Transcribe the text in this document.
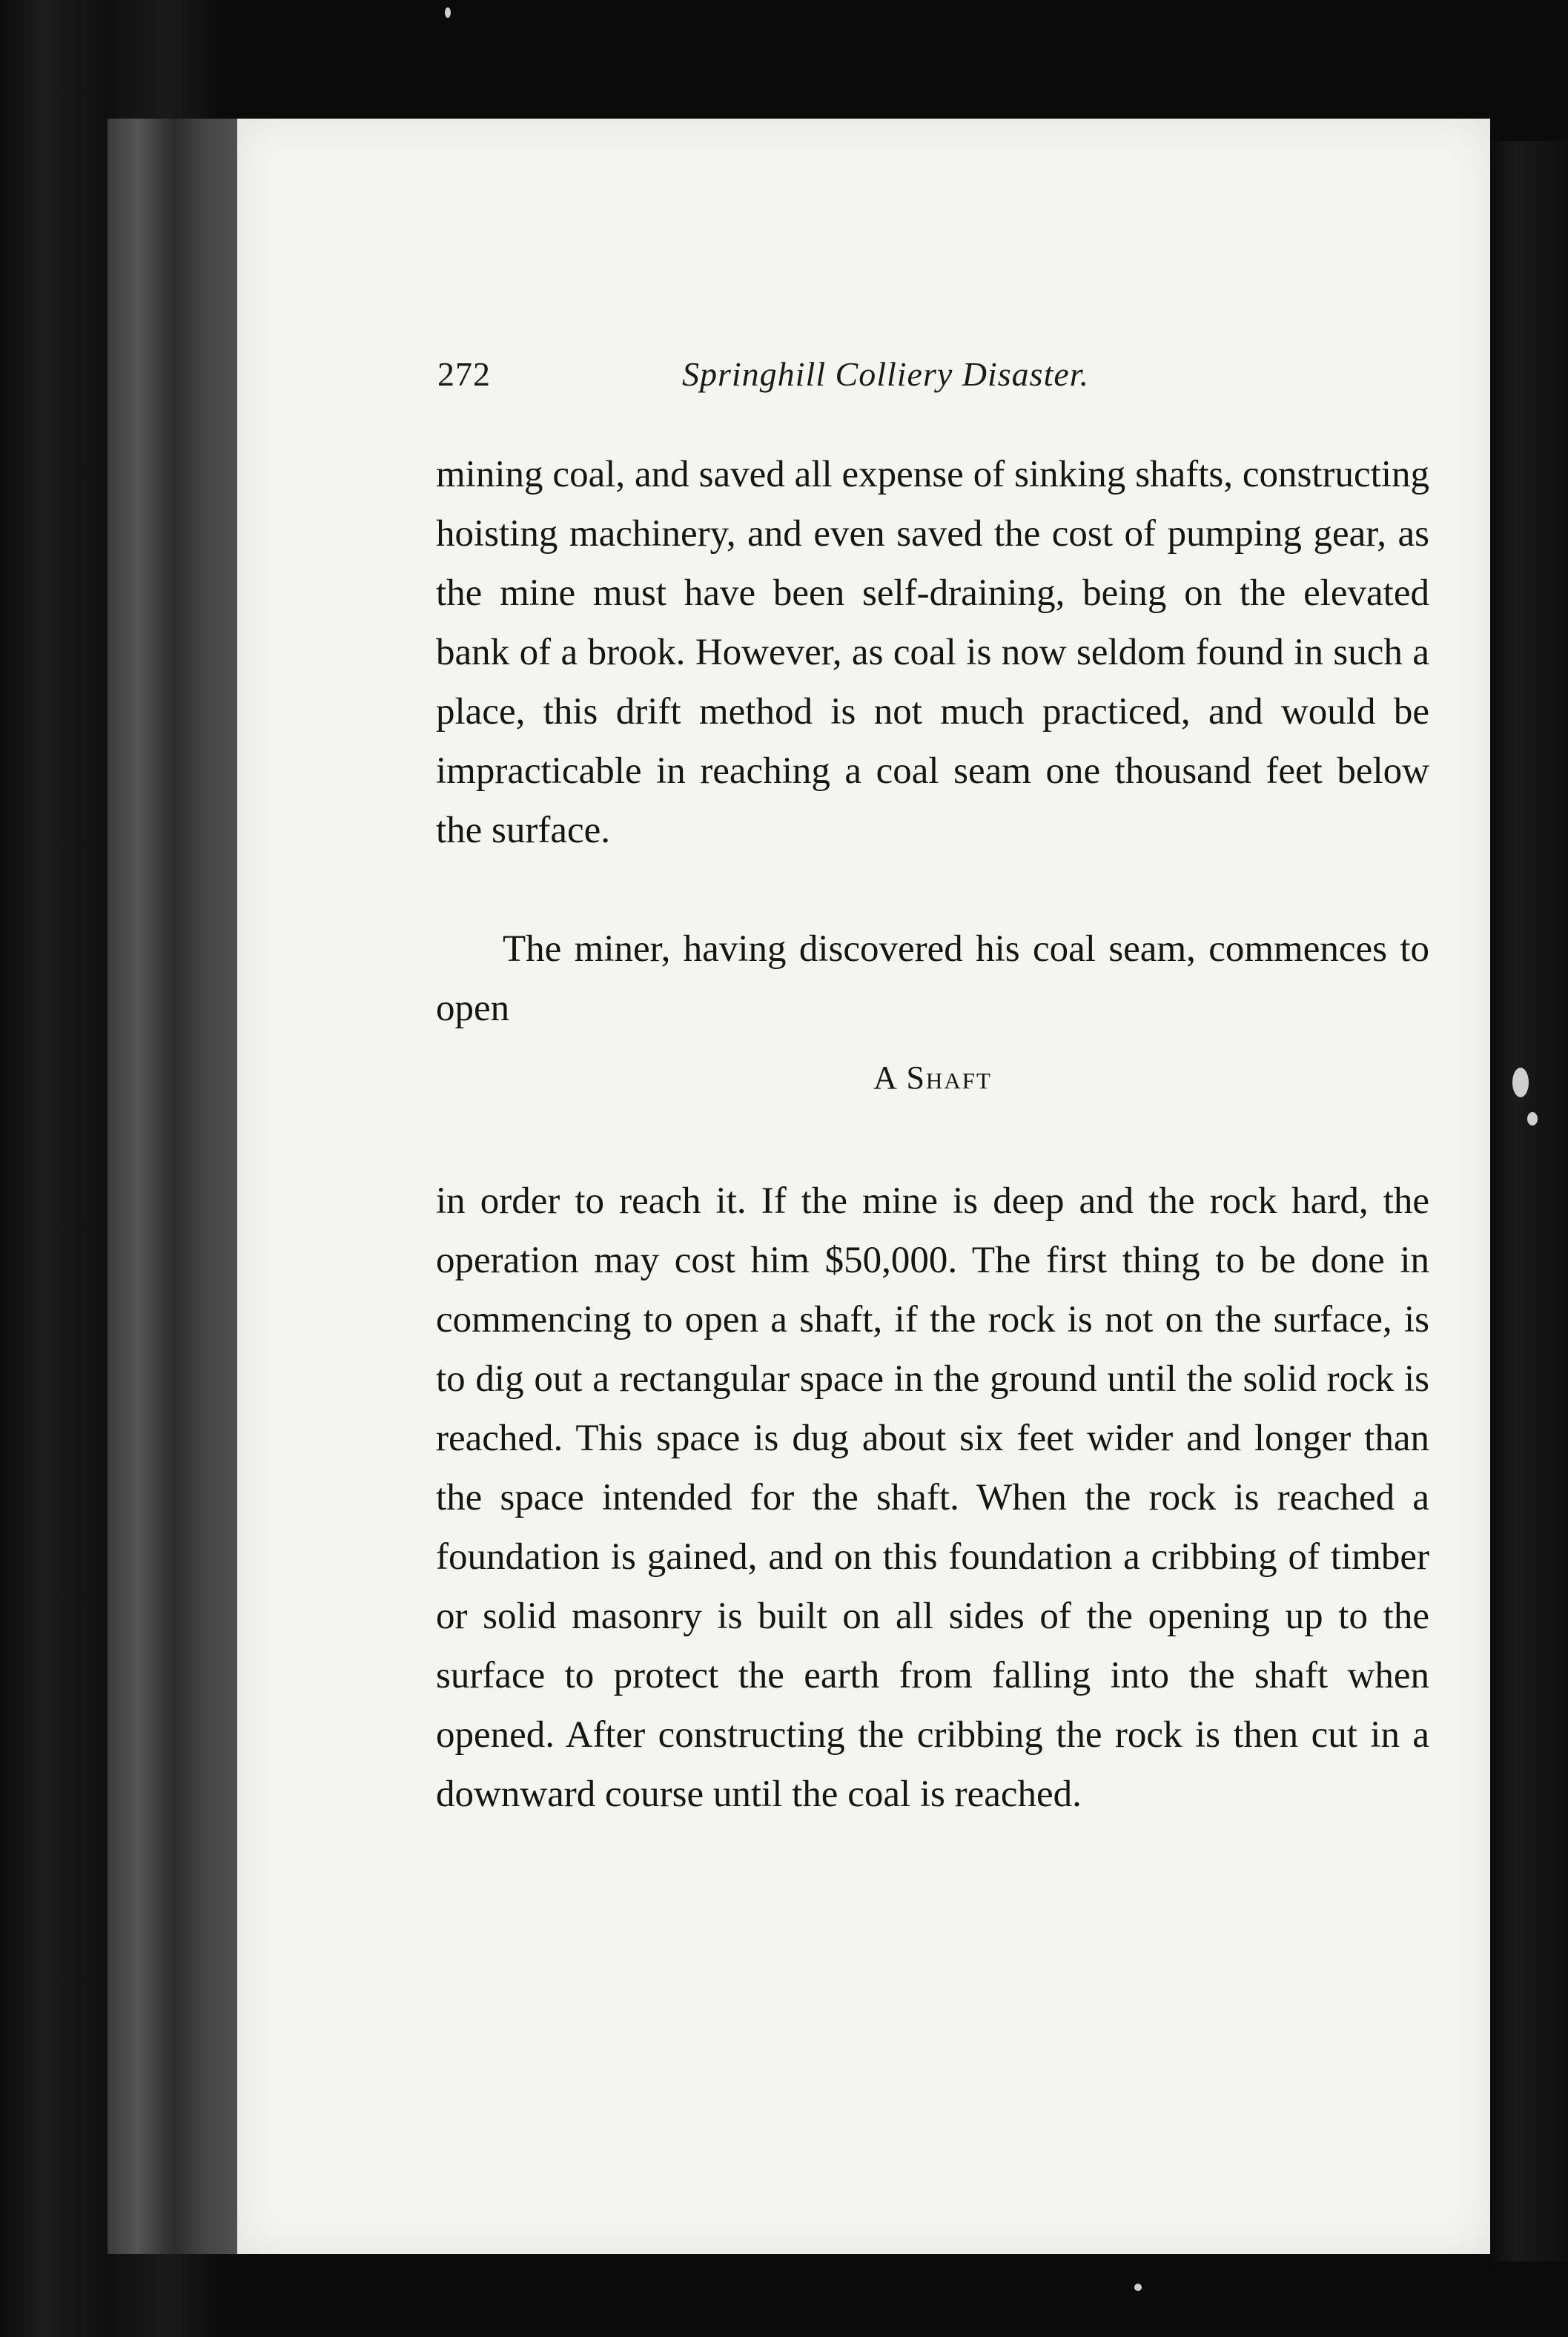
272	Springhill Colliery Disaster.
mining coal, and saved all expense of sinking shafts, constructing hoisting machinery, and even saved the cost of pumping gear, as the mine must have been self-draining, being on the elevated bank of a brook. However, as coal is now seldom found in such a place, this drift method is not much practiced, and would be impracticable in reaching a coal seam one thousand feet below the surface.
The miner, having discovered his coal seam, commences to open
A Shaft
in order to reach it. If the mine is deep and the rock hard, the operation may cost him $50,000. The first thing to be done in commencing to open a shaft, if the rock is not on the surface, is to dig out a rectangular space in the ground until the solid rock is reached. This space is dug about six feet wider and longer than the space intended for the shaft. When the rock is reached a foundation is gained, and on this foundation a cribbing of timber or solid masonry is built on all sides of the opening up to the surface to protect the earth from falling into the shaft when opened. After constructing the cribbing the rock is then cut in a downward course until the coal is reached.
